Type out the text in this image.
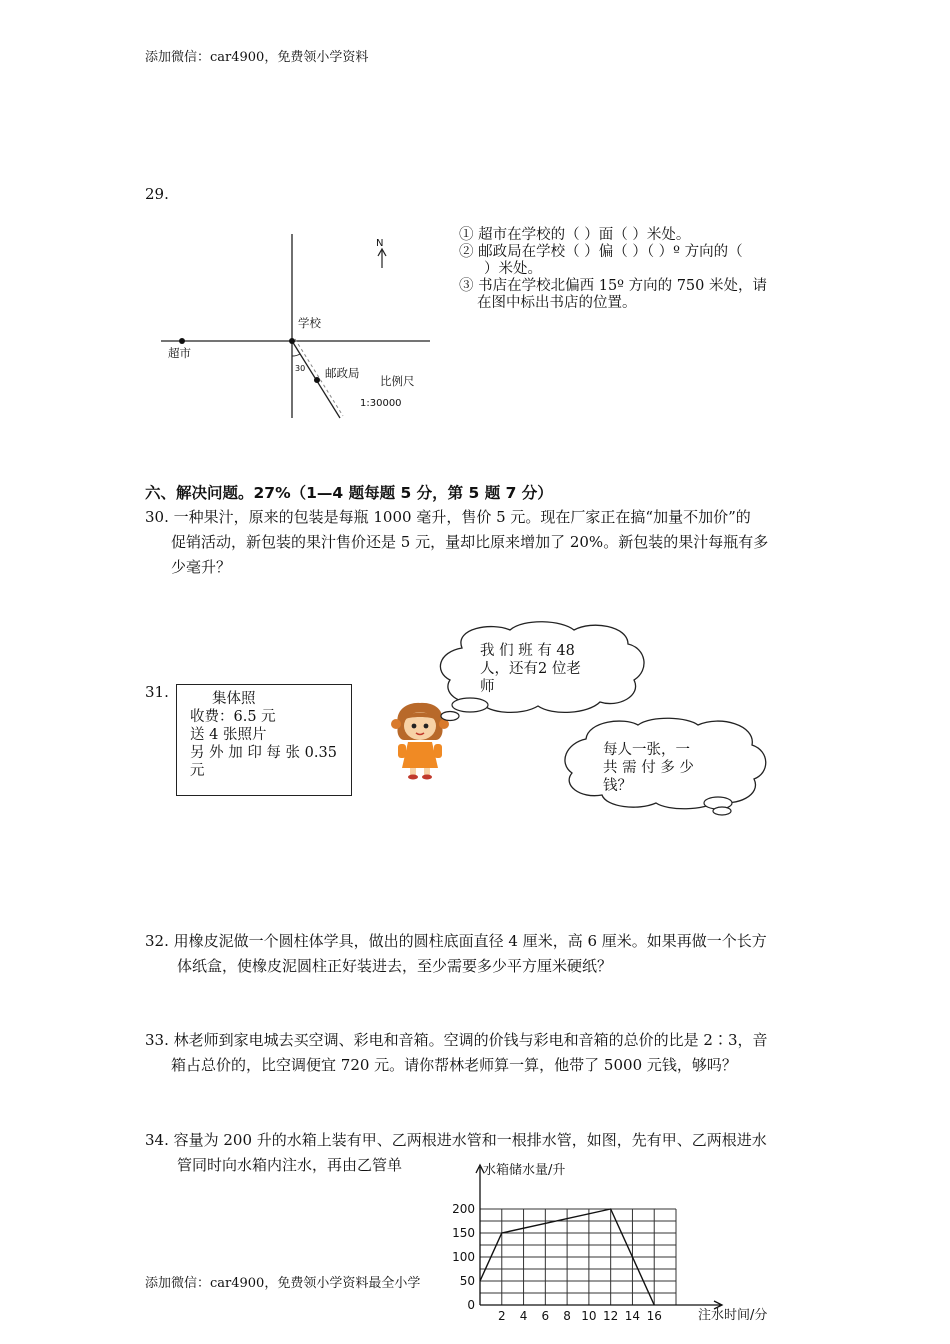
添加微信：car4900，免费领小学资料
29.
N
学校
超市
30 邮政局
比例尺
1:30000
① 超市在学校的（ ）面（ ）米处。
② 邮政局在学校（ ）偏（ ）（ ）º 方向的（
）米处。
③ 书店在学校北偏西 15º 方向的 750 米处，请
在图中标出书店的位置。
六、解决问题。27%（1—4 题每题 5 分，第 5 题 7 分）
30. 一种果汁，原来的包装是每瓶 1000 毫升，售价 5 元。现在厂家正在搞“加量不加价”的
促销活动，新包装的果汁售价还是 5 元，量却比原来增加了 20%。新包装的果汁每瓶有多
少毫升？
31.	集体照
收费：6.5 元
送 4 张照片
另 外 加 印 每 张 0.35
元
我 们 班 有 48
人，还有2 位老
师
每人一张，一
共 需 付 多 少
钱？
32. 用橡皮泥做一个圆柱体学具，做出的圆柱底面直径 4 厘米，高 6 厘米。如果再做一个长方
体纸盒，使橡皮泥圆柱正好装进去，至少需要多少平方厘米硬纸？
33. 林老师到家电城去买空调、彩电和音箱。空调的价钱与彩电和音箱的总价的比是 2∶3，音
箱占总价的，比空调便宜 720 元。请你帮林老师算一算，他带了 5000 元钱，够吗？
34. 容量为 200 升的水箱上装有甲、乙两根进水管和一根排水管，如图，先有甲、乙两根进水
管同时向水箱内注水，再由乙管单
添加微信：car4900，免费领小学资料最全小学
水箱储水量/升
注水时间/分
2 4 6 8 10 12 14 16
0
50
100
150
200
